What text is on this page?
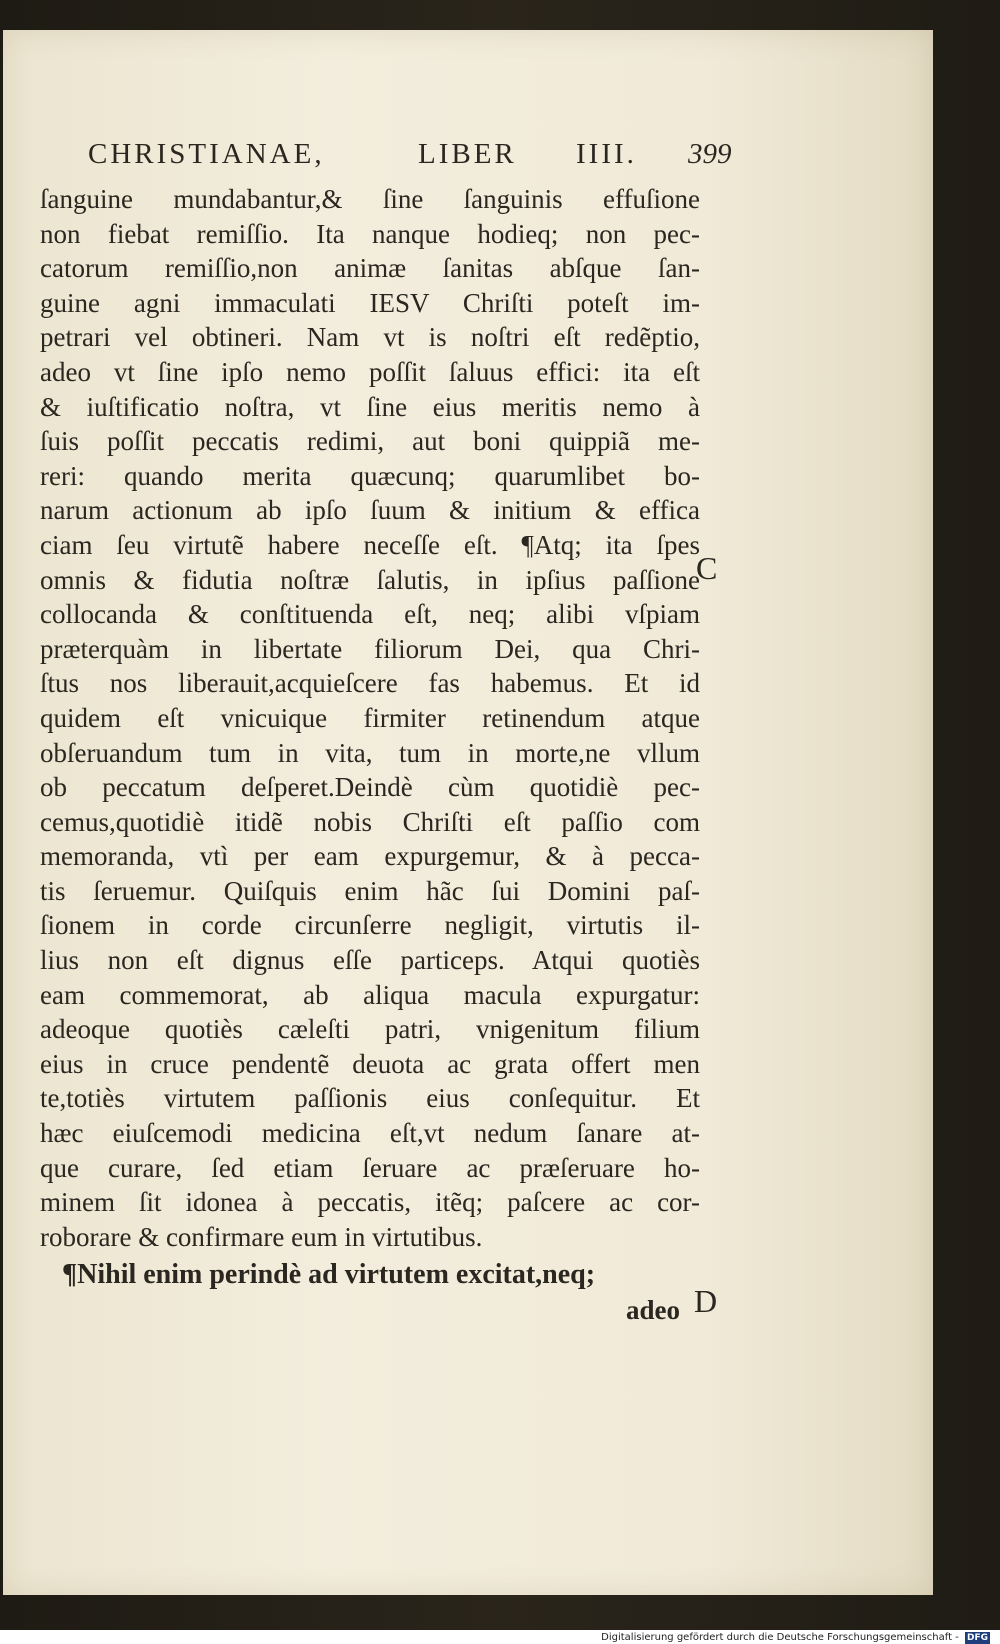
CHRISTIANAE,	LIBER IIII. 399
ſanguine mundabantur,& ſine ſanguinis effuſione
non fiebat remiſſio. Ita nanque hodieq; non pec-
catorum remiſſio,non animæ ſanitas abſque ſan-
guine agni immaculati IESV Chriſti poteſt im-
petrari vel obtineri. Nam vt is noſtri eſt redẽptio,
adeo vt ſine ipſo nemo poſſit ſaluus effici: ita eſt
& iuſtificatio noſtra, vt ſine eius meritis nemo à
ſuis poſſit peccatis redimi, aut boni quippiã me-
reri: quando merita quæcunq; quarumlibet bo-
narum actionum ab ipſo ſuum & initium & effica
ciam ſeu virtutẽ habere neceſſe eſt. ¶Atq; ita ſpes
omnis & fidutia noſtræ ſalutis, in ipſius paſſione
collocanda & conſtituenda eſt, neq; alibi vſpiam
præterquàm in libertate filiorum Dei, qua Chri-
ſtus nos liberauit,acquieſcere fas habemus. Et id
quidem eſt vnicuique firmiter retinendum atque
obſeruandum tum in vita, tum in morte,ne vllum
ob peccatum deſperet.Deindè cùm quotidiè pec-
cemus,quotidiè itidẽ nobis Chriſti eſt paſſio com
memoranda, vtì per eam expurgemur, & à pecca-
tis ſeruemur. Quiſquis enim hãc ſui Domini paſ-
ſionem in corde circunſerre negligit, virtutis il-
lius non eſt dignus eſſe particeps. Atqui quotiès
eam commemorat, ab aliqua macula expurgatur:
adeoque quotiès cæleſti patri, vnigenitum filium
eius in cruce pendentẽ deuota ac grata offert men
te,totiès virtutem paſſionis eius conſequitur. Et
hæc eiuſcemodi medicina eſt,vt nedum ſanare at-
que curare, ſed etiam ſeruare ac præſeruare ho-
minem ſit idonea à peccatis, itẽq; paſcere ac cor-
roborare & confirmare eum in virtutibus.
¶Nihil enim perindè ad virtutem excitat,neq;
adeo
C
D
Digitalisierung gefördert durch die Deutsche Forschungsgemeinschaft - DFG
